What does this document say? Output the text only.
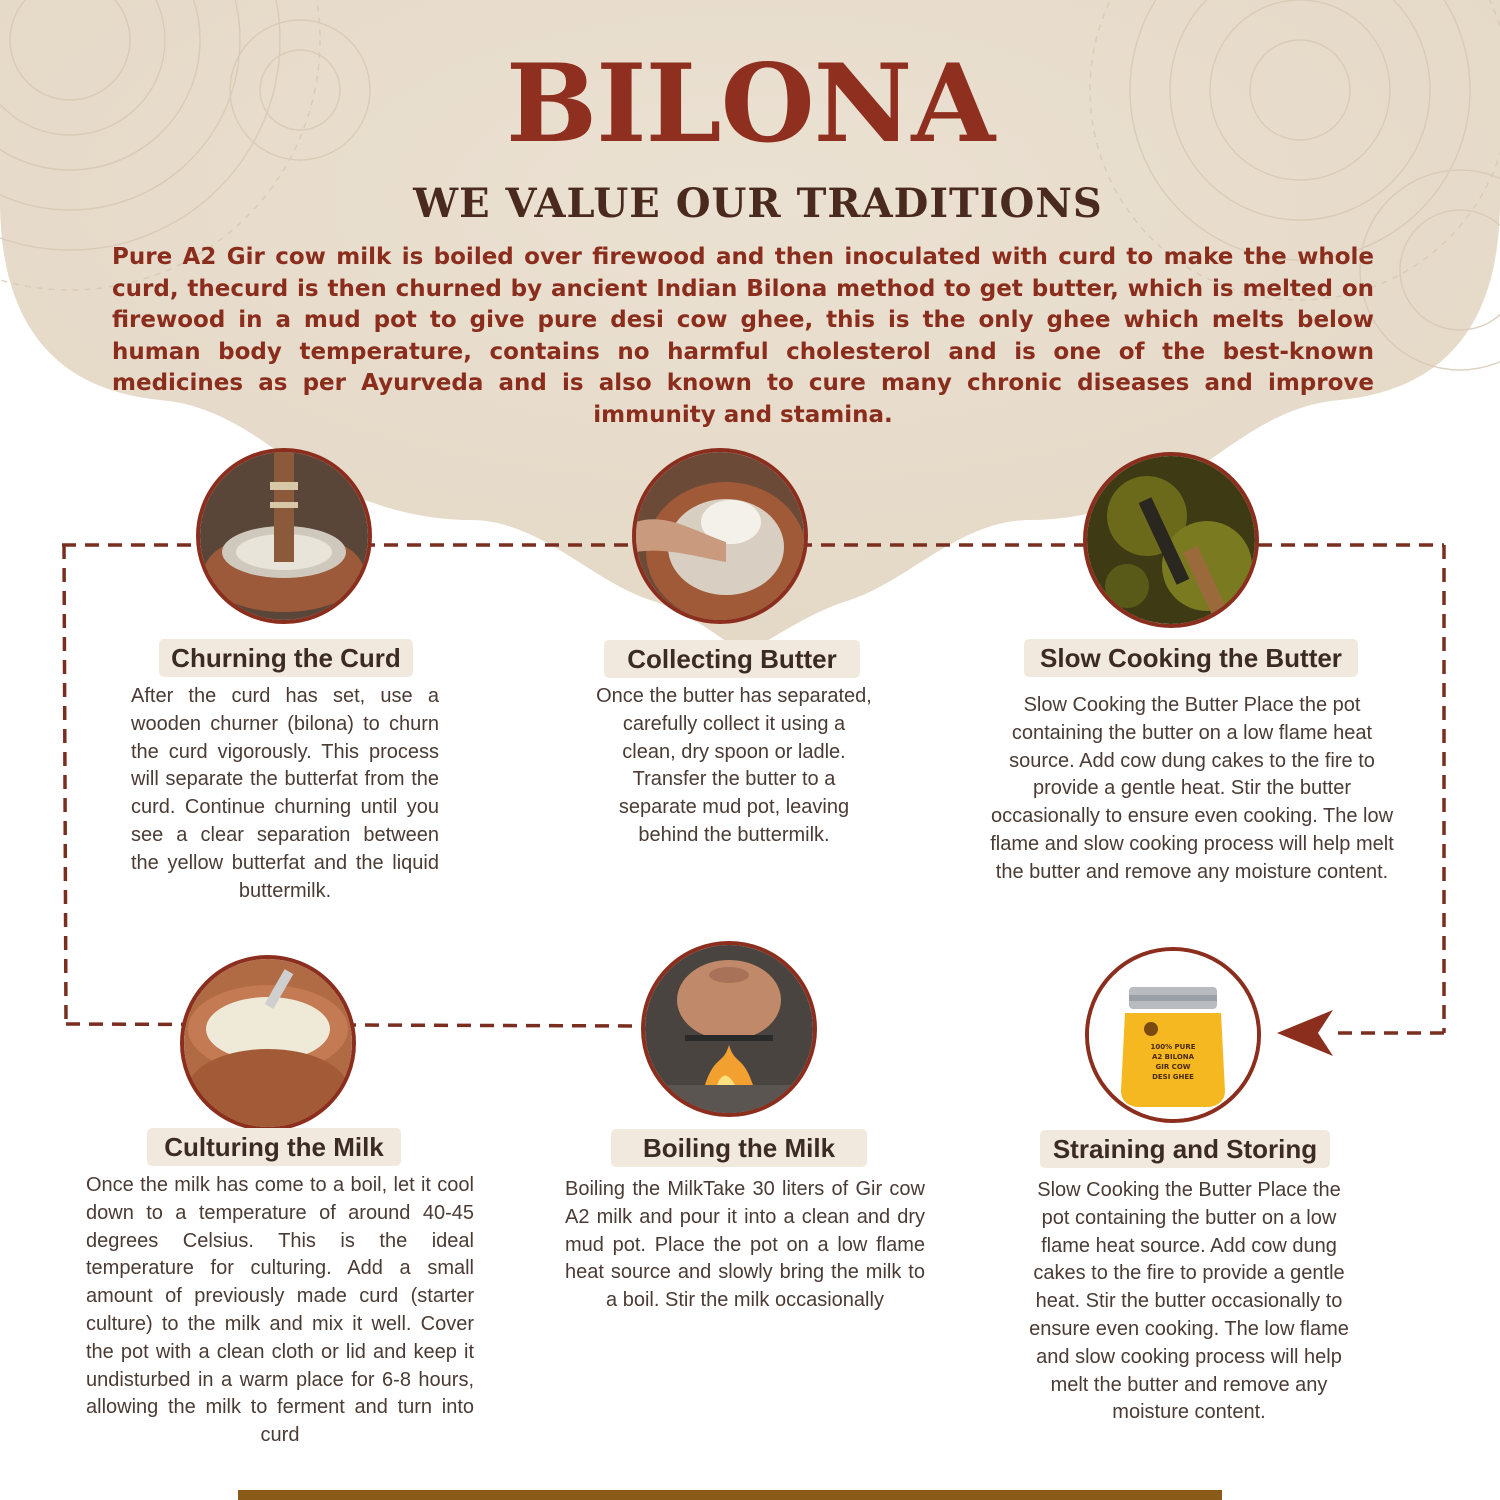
BILONA
WE VALUE OUR TRADITIONS

Pure A2 Gir cow milk is boiled over firewood and then inoculated with curd to make the whole curd, thecurd is then churned by ancient Indian Bilona method to get butter, which is melted on firewood in a mud pot to give pure desi cow ghee, this is the only ghee which melts below human body temperature, contains no harmful cholesterol and is one of the best-known medicines as per Ayurveda and is also known to cure many chronic diseases and improve immunity and stamina.

100% PURE
A2 BILONA
GIR COW
DESI GHEE
Churning the Curd	Collecting Butter	Slow Cooking the Butter
Culturing the Milk	Boiling the Milk	Straining and Storing

After the curd has set, use a wooden churner (bilona) to churn the curd vigorously. This process will separate the butterfat from the curd. Continue churning until you see a clear separation between the yellow butterfat and the liquid buttermilk.

Once the butter has separated, carefully collect it using a clean, dry spoon or ladle. Transfer the butter to a separate mud pot, leaving behind the buttermilk.

Slow Cooking the Butter Place the pot containing the butter on a low flame heat source. Add cow dung cakes to the fire to provide a gentle heat. Stir the butter occasionally to ensure even cooking. The low flame and slow cooking process will help melt the butter and remove any moisture content.

Once the milk has come to a boil, let it cool down to a temperature of around 40-45 degrees Celsius. This is the ideal temperature for culturing. Add a small amount of previously made curd (starter culture) to the milk and mix it well. Cover the pot with a clean cloth or lid and keep it undisturbed in a warm place for 6-8 hours, allowing the milk to ferment and turn into curd

Boiling the MilkTake 30 liters of Gir cow A2 milk and pour it into a clean and dry mud pot. Place the pot on a low flame heat source and slowly bring the milk to a boil. Stir the milk occasionally

Slow Cooking the Butter Place the pot containing the butter on a low flame heat source. Add cow dung cakes to the fire to provide a gentle heat. Stir the butter occasionally to ensure even cooking. The low flame and slow cooking process will help melt the butter and remove any moisture content.
